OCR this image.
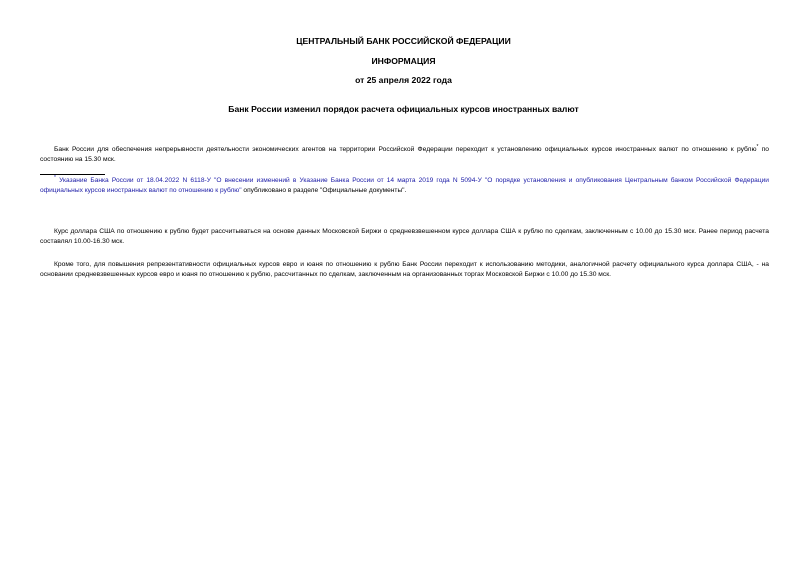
ЦЕНТРАЛЬНЫЙ БАНК РОССИЙСКОЙ ФЕДЕРАЦИИ
ИНФОРМАЦИЯ
от 25 апреля 2022 года
Банк России изменил порядок расчета официальных курсов иностранных валют
Банк России для обеспечения непрерывности деятельности экономических агентов на территории Российской Федерации переходит к установлению официальных курсов иностранных валют по отношению к рублю* по состоянию на 15.30 мск.
* Указание Банка России от 18.04.2022 N 6118-У "О внесении изменений в Указание Банка России от 14 марта 2019 года N 5094-У "О порядке установления и опубликования Центральным банком Российской Федерации официальных курсов иностранных валют по отношению к рублю" опубликовано в разделе "Официальные документы".
Курс доллара США по отношению к рублю будет рассчитываться на основе данных Московской Биржи о средневзвешенном курсе доллара США к рублю по сделкам, заключенным с 10.00 до 15.30 мск. Ранее период расчета составлял 10.00-16.30 мск.
Кроме того, для повышения репрезентативности официальных курсов евро и юаня по отношению к рублю Банк России переходит к использованию методики, аналогичной расчету официального курса доллара США, - на основании средневзвешенных курсов евро и юаня по отношению к рублю, рассчитанных по сделкам, заключенным на организованных торгах Московской Биржи с 10.00 до 15.30 мск.
